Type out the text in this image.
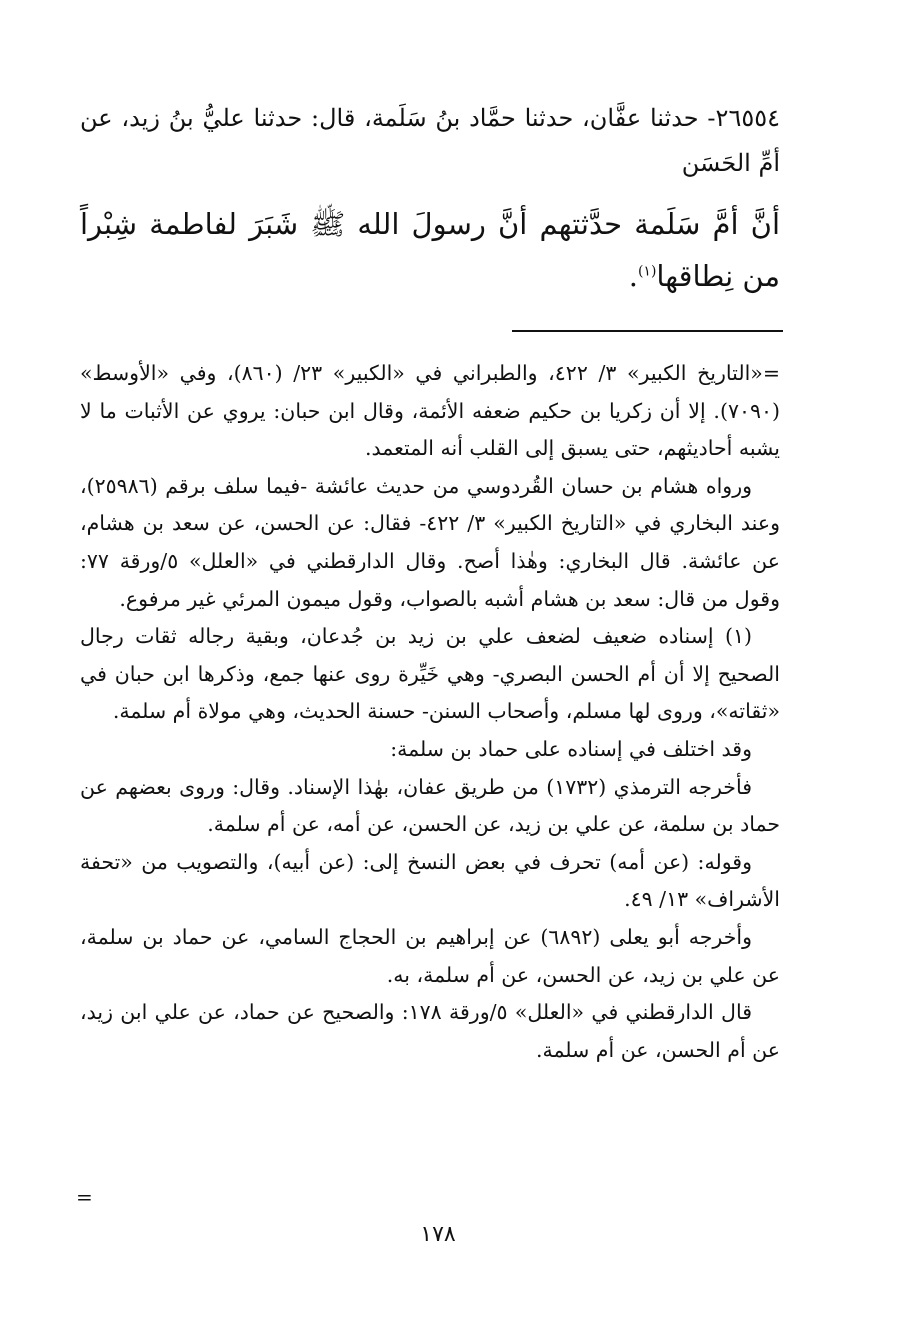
٢٦٥٥٤- حدثنا عفَّان، حدثنا حمَّاد بنُ سَلَمة، قال: حدثنا عليُّ بنُ زيد، عن أمِّ الحَسَن

أنَّ أمَّ سَلَمة حدَّثتهم أنَّ رسولَ الله ﷺ شَبَرَ لفاطمة شِبْراً من نِطاقها$^{(١)}$.

=«التاريخ الكبير» ٣/ ٤٢٢، والطبراني في «الكبير» ٢٣/ (٨٦٠)، وفي «الأوسط» (٧٠٩٠). إلا أن زكريا بن حكيم ضعفه الأئمة، وقال ابن حبان: يروي عن الأثبات ما لا يشبه أحاديثهم، حتى يسبق إلى القلب أنه المتعمد.

ورواه هشام بن حسان القُردوسي من حديث عائشة -فيما سلف برقم (٢٥٩٨٦)، وعند البخاري في «التاريخ الكبير» ٣/ ٤٢٢- فقال: عن الحسن، عن سعد بن هشام، عن عائشة. قال البخاري: وهٰذا أصح. وقال الدارقطني في «العلل» ٥/ورقة ٧٧: وقول من قال: سعد بن هشام أشبه بالصواب، وقول ميمون المرئي غير مرفوع.

(١) إسناده ضعيف لضعف علي بن زيد بن جُدعان، وبقية رجاله ثقات رجال الصحيح إلا أن أم الحسن البصري- وهي خَيِّرة روى عنها جمع، وذكرها ابن حبان في «ثقاته»، وروى لها مسلم، وأصحاب السنن- حسنة الحديث، وهي مولاة أم سلمة.

وقد اختلف في إسناده على حماد بن سلمة:

فأخرجه الترمذي (١٧٣٢) من طريق عفان، بهٰذا الإسناد. وقال: وروى بعضهم عن حماد بن سلمة، عن علي بن زيد، عن الحسن، عن أمه، عن أم سلمة.

وقوله: (عن أمه) تحرف في بعض النسخ إلى: (عن أبيه)، والتصويب من «تحفة الأشراف» ١٣/ ٤٩.

وأخرجه أبو يعلى (٦٨٩٢) عن إبراهيم بن الحجاج السامي، عن حماد بن سلمة، عن علي بن زيد، عن الحسن، عن أم سلمة، به.

قال الدارقطني في «العلل» ٥/ورقة ١٧٨: والصحيح عن حماد، عن علي ابن زيد، عن أم الحسن، عن أم سلمة.

=
١٧٨
